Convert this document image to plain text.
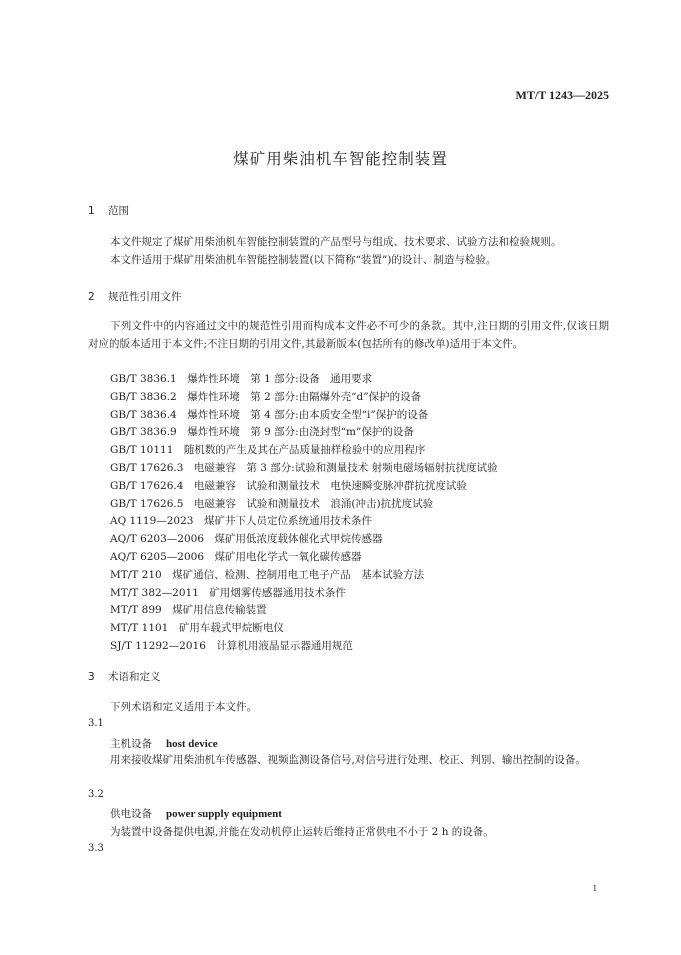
MT/T 1243—2025
煤矿用柴油机车智能控制装置
1 范围
本文件规定了煤矿用柴油机车智能控制装置的产品型号与组成、技术要求、试验方法和检验规则。
本文件适用于煤矿用柴油机车智能控制装置(以下简称“装置”)的设计、制造与检验。
2 规范性引用文件
下列文件中的内容通过文中的规范性引用而构成本文件必不可少的条款。其中,注日期的引用文件,仅该日期对应的版本适用于本文件;不注日期的引用文件,其最新版本(包括所有的修改单)适用于本文件。
GB/T 3836.1　 爆炸性环境　第 1 部分:设备　通用要求
GB/T 3836.2　 爆炸性环境　第 2 部分:由隔爆外壳“d”保护的设备
GB/T 3836.4　 爆炸性环境　第 4 部分:由本质安全型“i”保护的设备
GB/T 3836.9　 爆炸性环境　第 9 部分:由浇封型“m”保护的设备
GB/T 10111　 随机数的产生及其在产品质量抽样检验中的应用程序
GB/T 17626.3　 电磁兼容　第 3 部分:试验和测量技术 射频电磁场辐射抗扰度试验
GB/T 17626.4　 电磁兼容　试验和测量技术　电快速瞬变脉冲群抗扰度试验
GB/T 17626.5　 电磁兼容　试验和测量技术　浪涌(冲击)抗扰度试验
AQ 1119—2023　 煤矿井下人员定位系统通用技术条件
AQ/T 6203—2006　 煤矿用低浓度载体催化式甲烷传感器
AQ/T 6205—2006　 煤矿用电化学式一氧化碳传感器
MT/T 210　 煤矿通信、检测、控制用电工电子产品　基本试验方法
MT/T 382—2011　 矿用烟雾传感器通用技术条件
MT/T 899　 煤矿用信息传输装置
MT/T 1101　 矿用车载式甲烷断电仪
SJ/T 11292—2016　 计算机用液晶显示器通用规范
3 术语和定义
下列术语和定义适用于本文件。
3.1
主机设备 host device
用来接收煤矿用柴油机车传感器、视频监测设备信号,对信号进行处理、校正、判别、输出控制的设备。
3.2
供电设备 power supply equipment
为装置中设备提供电源,并能在发动机停止运转后维持正常供电不小于 2 h 的设备。
3.3
1
